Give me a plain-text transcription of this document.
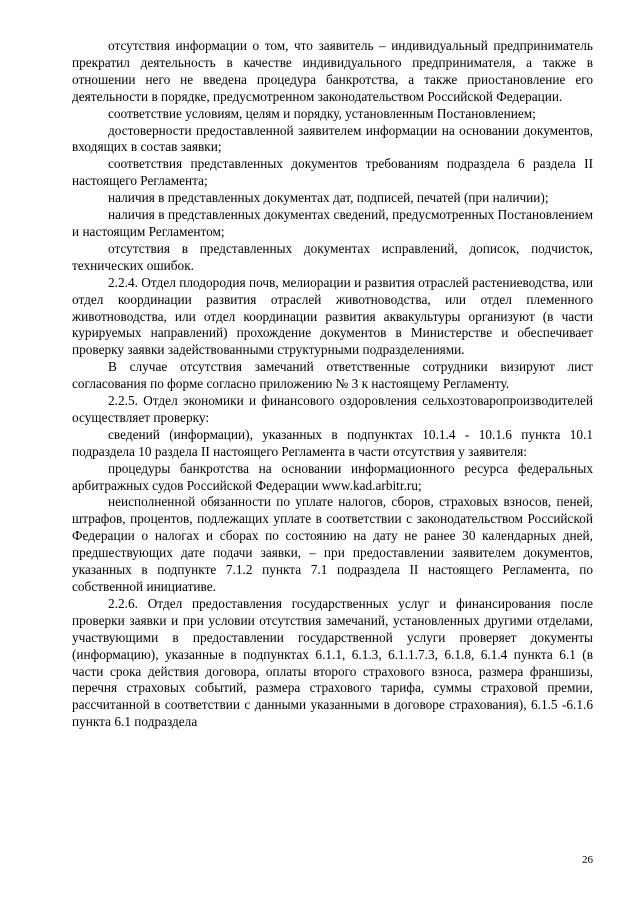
отсутствия информации о том, что заявитель – индивидуальный предприниматель прекратил деятельность в качестве индивидуального предпринимателя, а также в отношении него не введена процедура банкротства, а также приостановление его деятельности в порядке, предусмотренном законодательством Российской Федерации.

соответствие условиям, целям и порядку, установленным Постановлением;

достоверности предоставленной заявителем информации на основании документов, входящих в состав заявки;

соответствия представленных документов требованиям подраздела 6 раздела II настоящего Регламента;

наличия в представленных документах дат, подписей, печатей (при наличии);

наличия в представленных документах сведений, предусмотренных Постановлением и настоящим Регламентом;

отсутствия в представленных документах исправлений, дописок, подчисток, технических ошибок.

2.2.4. Отдел плодородия почв, мелиорации и развития отраслей растениеводства, или отдел координации развития отраслей животноводства, или отдел племенного животноводства, или отдел координации развития аквакультуры организуют (в части курируемых направлений) прохождение документов в Министерстве и обеспечивает проверку заявки задействованными структурными подразделениями.

В случае отсутствия замечаний ответственные сотрудники визируют лист согласования по форме согласно приложению № 3 к настоящему Регламенту.

2.2.5. Отдел экономики и финансового оздоровления сельхозтоваропроизводителей осуществляет проверку:

сведений (информации), указанных в подпунктах 10.1.4 - 10.1.6 пункта 10.1 подраздела 10 раздела II настоящего Регламента в части отсутствия у заявителя:

процедуры банкротства на основании информационного ресурса федеральных арбитражных судов Российской Федерации www.kad.arbitr.ru;

неисполненной обязанности по уплате налогов, сборов, страховых взносов, пеней, штрафов, процентов, подлежащих уплате в соответствии с законодательством Российской Федерации о налогах и сборах по состоянию на дату не ранее 30 календарных дней, предшествующих дате подачи заявки, – при предоставлении заявителем документов, указанных в подпункте 7.1.2 пункта 7.1 подраздела II настоящего Регламента, по собственной инициативе.

2.2.6. Отдел предоставления государственных услуг и финансирования после проверки заявки и при условии отсутствия замечаний, установленных другими отделами, участвующими в предоставлении государственной услуги проверяет документы (информацию), указанные в подпунктах 6.1.1, 6.1.3, 6.1.1.7.3, 6.1.8, 6.1.4 пункта 6.1 (в части срока действия договора, оплаты второго страхового взноса, размера франшизы, перечня страховых событий, размера страхового тарифа, суммы страховой премии, рассчитанной в соответствии с данными указанными в договоре страхования), 6.1.5 -6.1.6 пункта 6.1 подраздела

26
